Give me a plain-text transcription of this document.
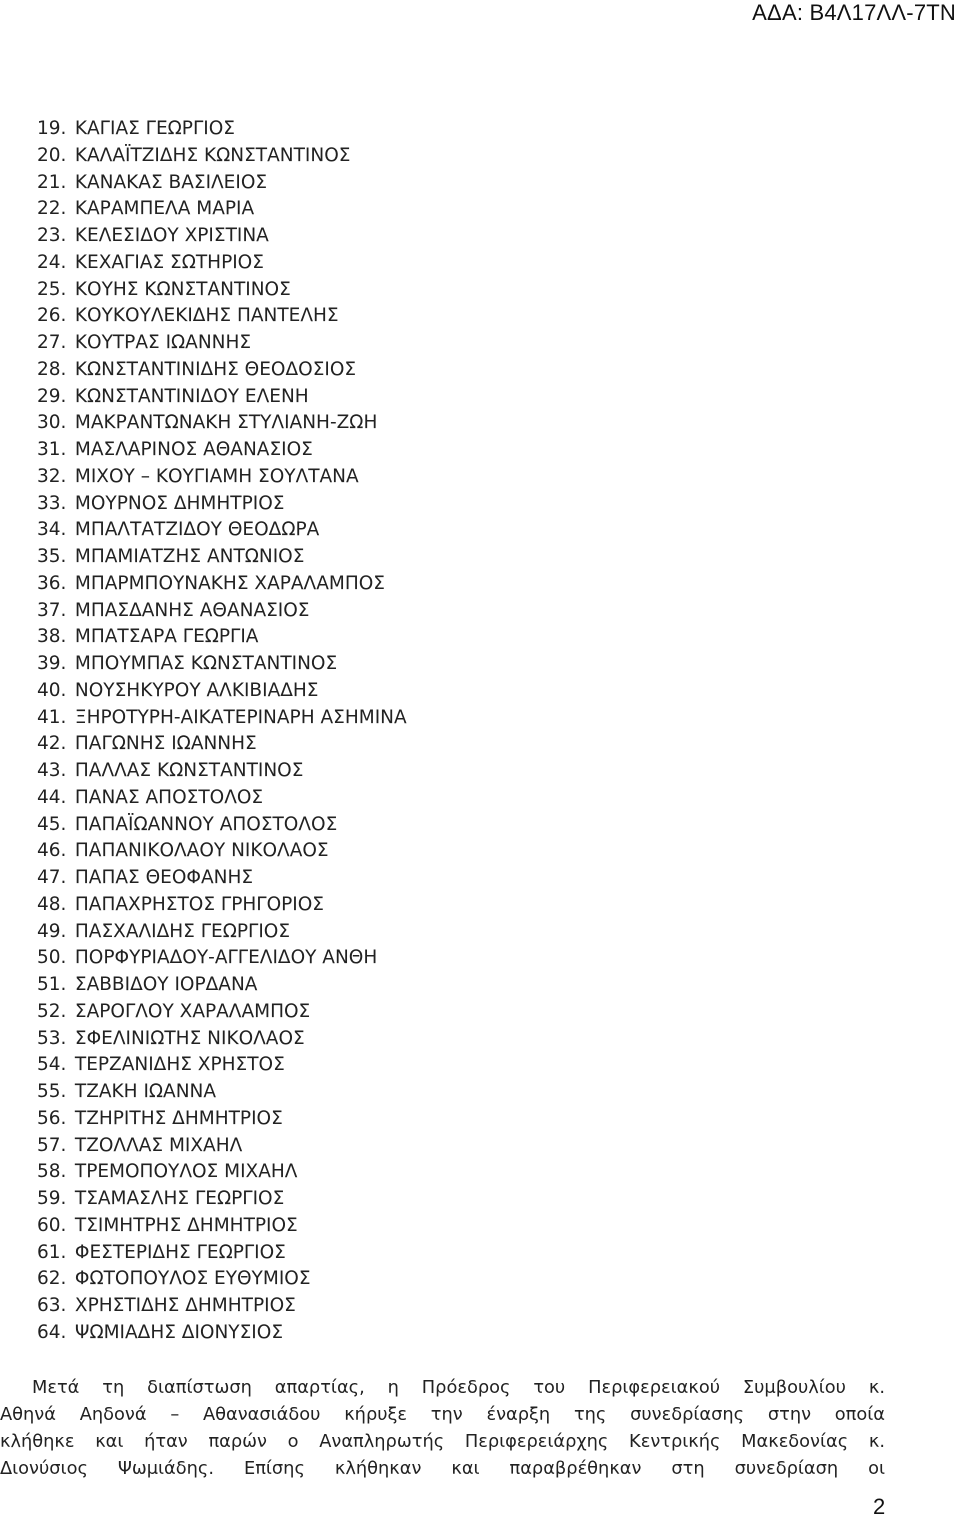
ΑΔΑ: Β4Λ17ΛΛ-7ΤΝ
19. ΚΑΓΙΑΣ ΓΕΩΡΓΙΟΣ
20. ΚΑΛΑΪΤΖΙΔΗΣ ΚΩΝΣΤΑΝΤΙΝΟΣ
21. ΚΑΝΑΚΑΣ ΒΑΣΙΛΕΙΟΣ
22. ΚΑΡΑΜΠΕΛΑ ΜΑΡΙΑ
23. ΚΕΛΕΣΙΔΟΥ ΧΡΙΣΤΙΝΑ
24. ΚΕΧΑΓΙΑΣ ΣΩΤΗΡΙΟΣ
25. ΚΟΥΗΣ ΚΩΝΣΤΑΝΤΙΝΟΣ
26. ΚΟΥΚΟΥΛΕΚΙΔΗΣ ΠΑΝΤΕΛΗΣ
27. ΚΟΥΤΡΑΣ ΙΩΑΝΝΗΣ
28. ΚΩΝΣΤΑΝΤΙΝΙΔΗΣ ΘΕΟΔΟΣΙΟΣ
29. ΚΩΝΣΤΑΝΤΙΝΙΔΟΥ ΕΛΕΝΗ
30. ΜΑΚΡΑΝΤΩΝΑΚΗ ΣΤΥΛΙΑΝΗ-ΖΩΗ
31. ΜΑΣΛΑΡΙΝΟΣ ΑΘΑΝΑΣΙΟΣ
32. ΜΙΧΟΥ – ΚΟΥΓΙΑΜΗ ΣΟΥΛΤΑΝΑ
33. ΜΟΥΡΝΟΣ ΔΗΜΗΤΡΙΟΣ
34. ΜΠΑΛΤΑΤΖΙΔΟΥ ΘΕΟΔΩΡΑ
35. ΜΠΑΜΙΑΤΖΗΣ ΑΝΤΩΝΙΟΣ
36. ΜΠΑΡΜΠΟΥΝΑΚΗΣ ΧΑΡΑΛΑΜΠΟΣ
37. ΜΠΑΣΔΑΝΗΣ ΑΘΑΝΑΣΙΟΣ
38. ΜΠΑΤΣΑΡΑ ΓΕΩΡΓΙΑ
39. ΜΠΟΥΜΠΑΣ ΚΩΝΣΤΑΝΤΙΝΟΣ
40. ΝΟΥΣΗΚΥΡΟΥ ΑΛΚΙΒΙΑΔΗΣ
41. ΞΗΡΟΤΥΡΗ-ΑΙΚΑΤΕΡΙΝΑΡΗ ΑΣΗΜΙΝΑ
42. ΠΑΓΩΝΗΣ ΙΩΑΝΝΗΣ
43. ΠΑΛΛΑΣ ΚΩΝΣΤΑΝΤΙΝΟΣ
44. ΠΑΝΑΣ ΑΠΟΣΤΟΛΟΣ
45. ΠΑΠΑΪΩΑΝΝΟΥ ΑΠΟΣΤΟΛΟΣ
46. ΠΑΠΑΝΙΚΟΛΑΟΥ ΝΙΚΟΛΑΟΣ
47. ΠΑΠΑΣ ΘΕΟΦΑΝΗΣ
48. ΠΑΠΑΧΡΗΣΤΟΣ ΓΡΗΓΟΡΙΟΣ
49. ΠΑΣΧΑΛΙΔΗΣ ΓΕΩΡΓΙΟΣ
50. ΠΟΡΦΥΡΙΑΔΟΥ-ΑΓΓΕΛΙΔΟΥ ΑΝΘΗ
51. ΣΑΒΒΙΔΟΥ ΙΟΡΔΑΝΑ
52. ΣΑΡΟΓΛΟΥ ΧΑΡΑΛΑΜΠΟΣ
53. ΣΦΕΛΙΝΙΩΤΗΣ ΝΙΚΟΛΑΟΣ
54. ΤΕΡΖΑΝΙΔΗΣ ΧΡΗΣΤΟΣ
55. ΤΖΑΚΗ ΙΩΑΝΝΑ
56. ΤΖΗΡΙΤΗΣ ΔΗΜΗΤΡΙΟΣ
57. ΤΖΟΛΛΑΣ ΜΙΧΑΗΛ
58. ΤΡΕΜΟΠΟΥΛΟΣ ΜΙΧΑΗΛ
59. ΤΣΑΜΑΣΛΗΣ ΓΕΩΡΓΙΟΣ
60. ΤΣΙΜΗΤΡΗΣ ΔΗΜΗΤΡΙΟΣ
61. ΦΕΣΤΕΡΙΔΗΣ ΓΕΩΡΓΙΟΣ
62. ΦΩΤΟΠΟΥΛΟΣ ΕΥΘΥΜΙΟΣ
63. ΧΡΗΣΤΙΔΗΣ ΔΗΜΗΤΡΙΟΣ
64. ΨΩΜΙΑΔΗΣ ΔΙΟΝΥΣΙΟΣ
Μετά τη διαπίστωση απαρτίας, η Πρόεδρος του Περιφερειακού Συμβουλίου κ.
Αθηνά Αηδονά – Αθανασιάδου κήρυξε την έναρξη της συνεδρίασης στην οποία
κλήθηκε και ήταν παρών ο Αναπληρωτής Περιφερειάρχης Κεντρικής Μακεδονίας κ.
Διονύσιος Ψωμιάδης. Επίσης κλήθηκαν και παραβρέθηκαν στη συνεδρίαση οι
2
